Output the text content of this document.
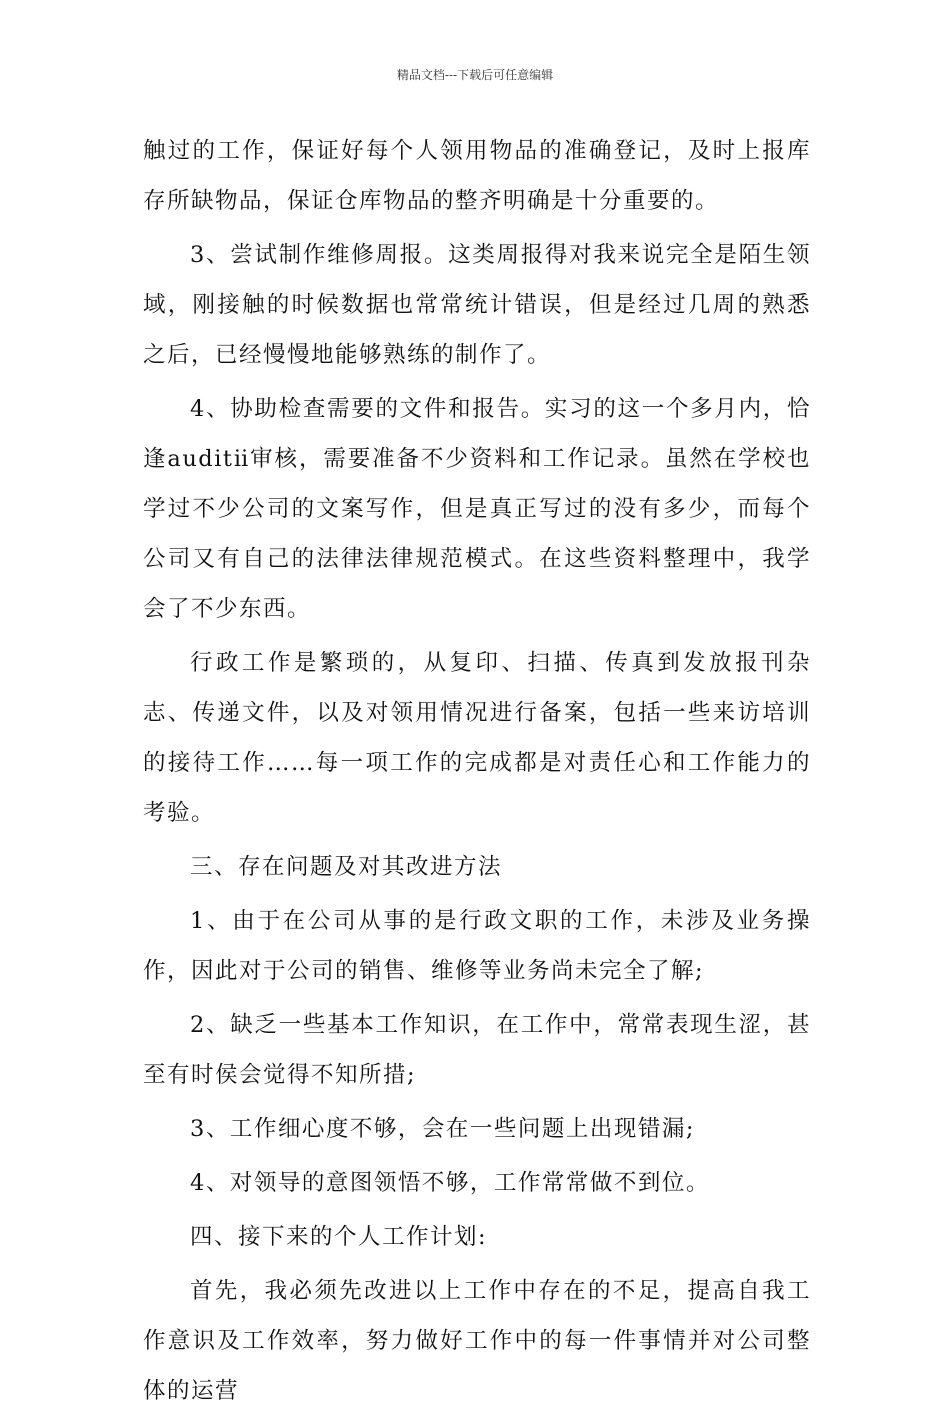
精品文档---下载后可任意编辑

触过的工作，保证好每个人领用物品的准确登记，及时上报库存所缺物品，保证仓库物品的整齐明确是十分重要的。

3、尝试制作维修周报。这类周报得对我来说完全是陌生领域，刚接触的时候数据也常常统计错误，但是经过几周的熟悉之后，已经慢慢地能够熟练的制作了。

4、协助检查需要的文件和报告。实习的这一个多月内，恰逢auditⅱ审核，需要准备不少资料和工作记录。虽然在学校也学过不少公司的文案写作，但是真正写过的没有多少，而每个公司又有自己的法律法律规范模式。在这些资料整理中，我学会了不少东西。

行政工作是繁琐的，从复印、扫描、传真到发放报刊杂志、传递文件，以及对领用情况进行备案，包括一些来访培训的接待工作……每一项工作的完成都是对责任心和工作能力的考验。

三、存在问题及对其改进方法

1、由于在公司从事的是行政文职的工作，未涉及业务操作，因此对于公司的销售、维修等业务尚未完全了解;

2、缺乏一些基本工作知识，在工作中，常常表现生涩，甚至有时侯会觉得不知所措;

3、工作细心度不够，会在一些问题上出现错漏;

4、对领导的意图领悟不够，工作常常做不到位。

四、接下来的个人工作计划:

首先，我必须先改进以上工作中存在的不足，提高自我工作意识及工作效率，努力做好工作中的每一件事情并对公司整体的运营
